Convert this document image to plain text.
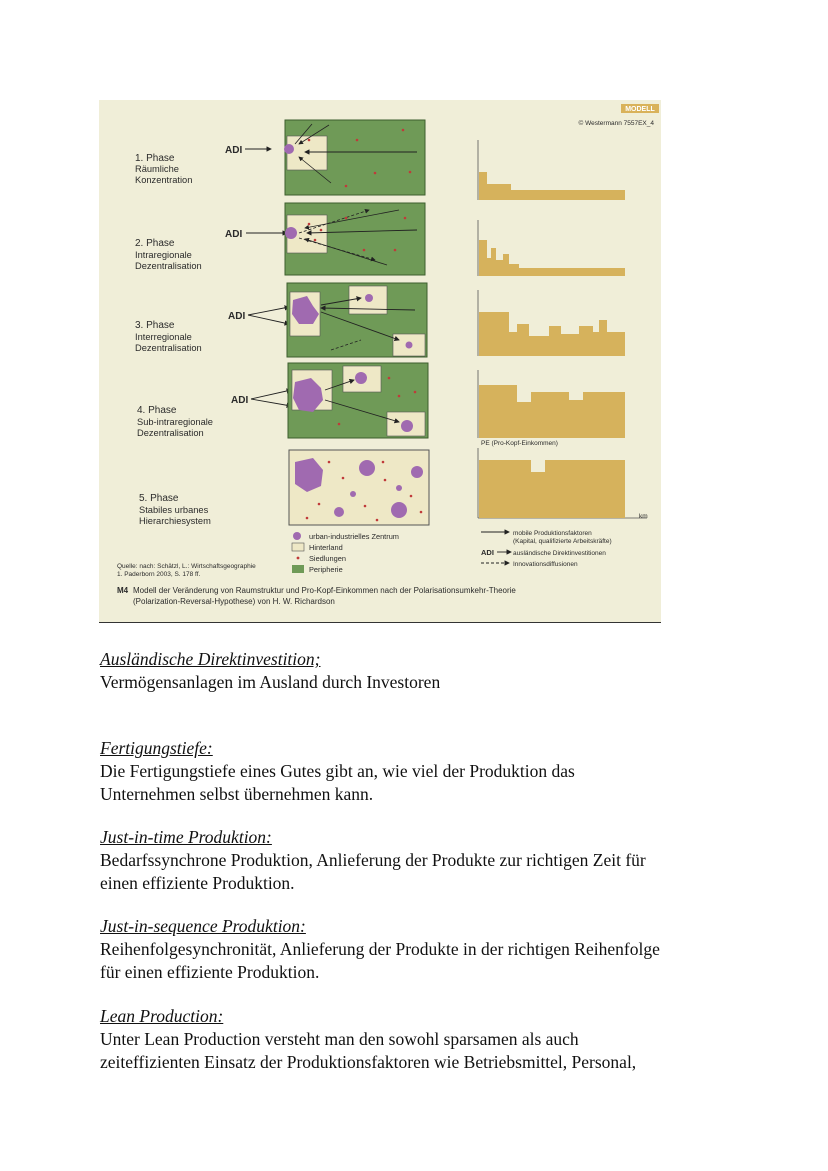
MODELL
© Westermann 7557EX_4
1. Phase
Räumliche
Konzentration
2. Phase
Intraregionale
Dezentralisation
3. Phase
Interregionale
Dezentralisation
4. Phase
Sub-intraregionale
Dezentralisation
5. Phase
Stabiles urbanes
Hierarchiesystem
ADI
ADI
ADI
ADI
PE (Pro-Kopf-Einkommen)
km
urban-industrielles Zentrum
Hinterland
Siedlungen
Peripherie
mobile Produktionsfaktoren
(Kapital, qualifizierte Arbeitskräfte)
ADI	ausländische Direktinvestitionen
Innovationsdiffusionen
Quelle: nach: Schätzl, L.: Wirtschaftsgeographie
1. Paderborn 2003, S. 178 ff.
M4 Modell der Veränderung von Raumstruktur und Pro-Kopf-Einkommen nach der Polarisationsumkehr-Theorie
(Polarization-Reversal-Hypothese) von H. W. Richardson
Ausländische Direktinvestition;
Vermögensanlagen im Ausland durch Investoren
Fertigungstiefe:
Die Fertigungstiefe eines Gutes gibt an, wie viel der Produktion das
Unternehmen selbst übernehmen kann.
Just-in-time Produktion:
Bedarfssynchrone Produktion, Anlieferung der Produkte zur richtigen Zeit für
einen effiziente Produktion.
Just-in-sequence Produktion:
Reihenfolgesynchronität, Anlieferung der Produkte in der richtigen Reihenfolge
für einen effiziente Produktion.
Lean Production:
Unter Lean Production versteht man den sowohl sparsamen als auch
zeiteffizienten Einsatz der Produktionsfaktoren wie Betriebsmittel, Personal,
